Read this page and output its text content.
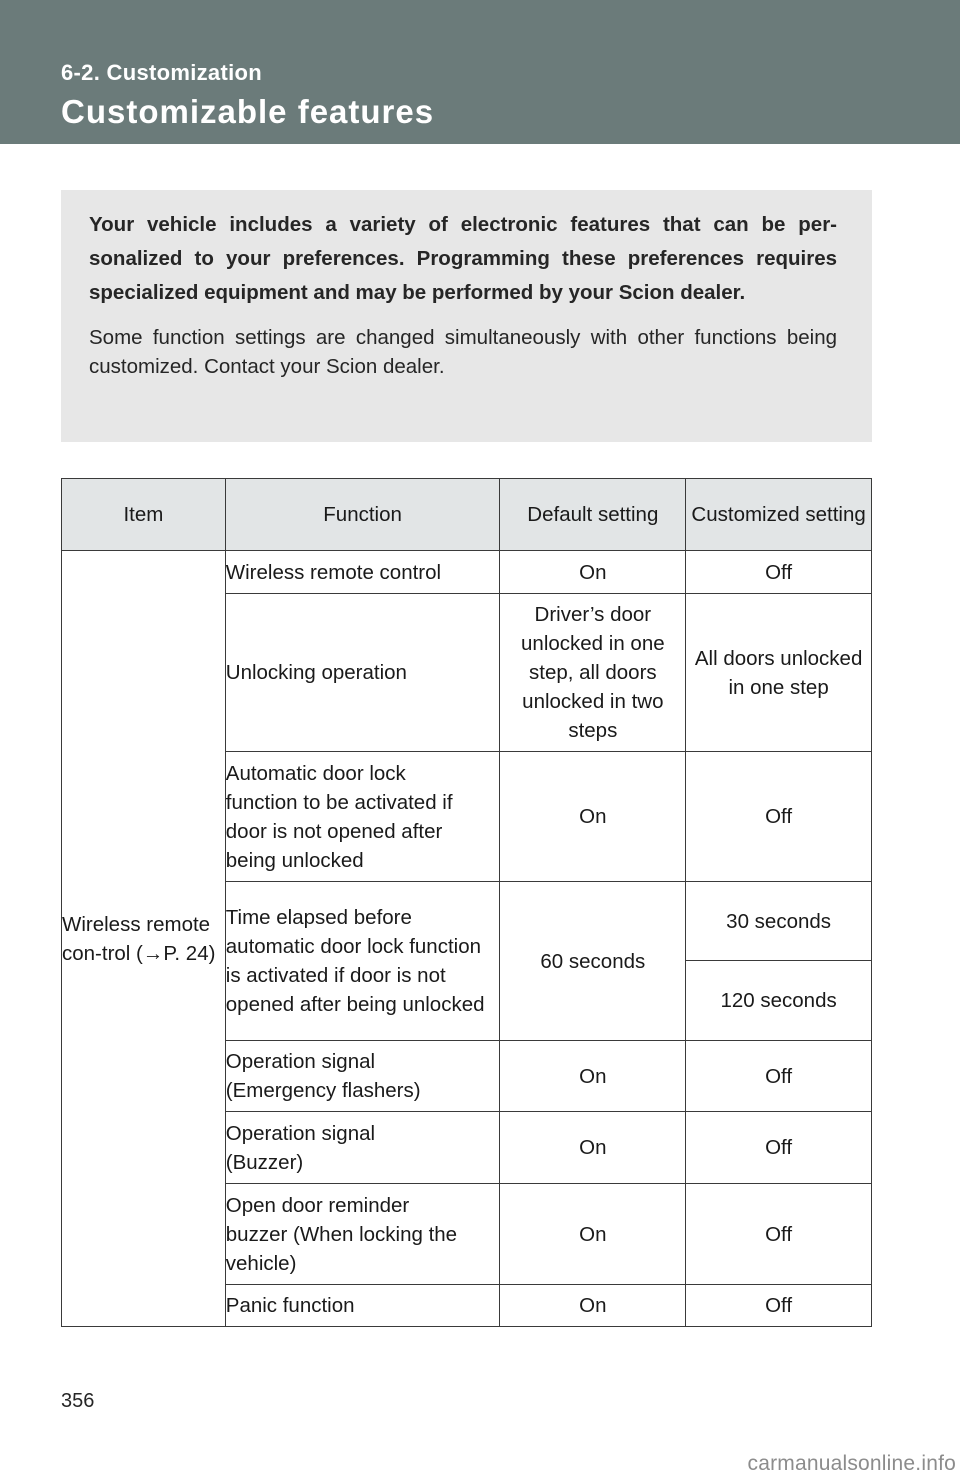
6-2. Customization

Customizable features

Your vehicle includes a variety of electronic features that can be per-sonalized to your preferences. Programming these preferences requires specialized equipment and may be performed by your Scion dealer.

Some function settings are changed simultaneously with other functions being customized. Contact your Scion dealer.

Item	Function	Default setting	Customized setting
Wireless remote con-trol (→P. 24)	Wireless remote control	On	Off
	Unlocking operation	Driver’s door unlocked in one step, all doors unlocked in two steps	All doors unlocked in one step
	Automatic door lock function to be activated if door is not opened after being unlocked	On	Off
	Time elapsed before automatic door lock function is activated if door is not opened after being unlocked	60 seconds	30 seconds
			120 seconds
	Operation signal (Emergency flashers)	On	Off
	Operation signal (Buzzer)	On	Off
	Open door reminder buzzer (When locking the vehicle)	On	Off
	Panic function	On	Off

356

carmanualsonline.info
